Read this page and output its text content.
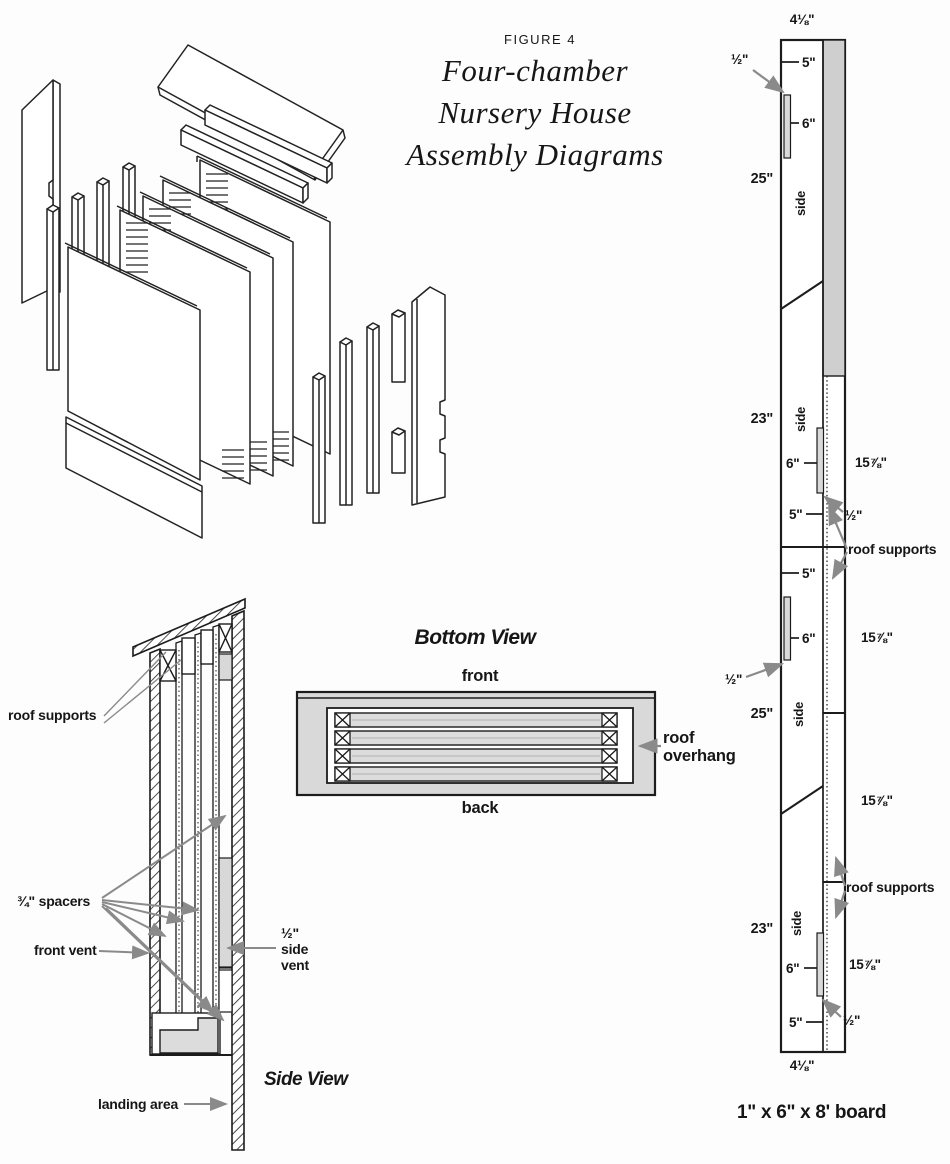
FIGURE 4
Four-chamber
Nursery House
Assembly Diagrams
Bottom View
front
back
roof
overhang
roof supports
¾" spacers
front vent
½"
side
vent
landing area
Side View
4⅛"
½"	5"
6"
25"
side
23" side
6"	15⅞"
5"	½"
roof supports
5"
6"	15⅞"
½"
25" side
15⅞"
23" side
roof supports
6"	15⅞"
5"	½"
4⅛"
1" x 6" x 8' board
